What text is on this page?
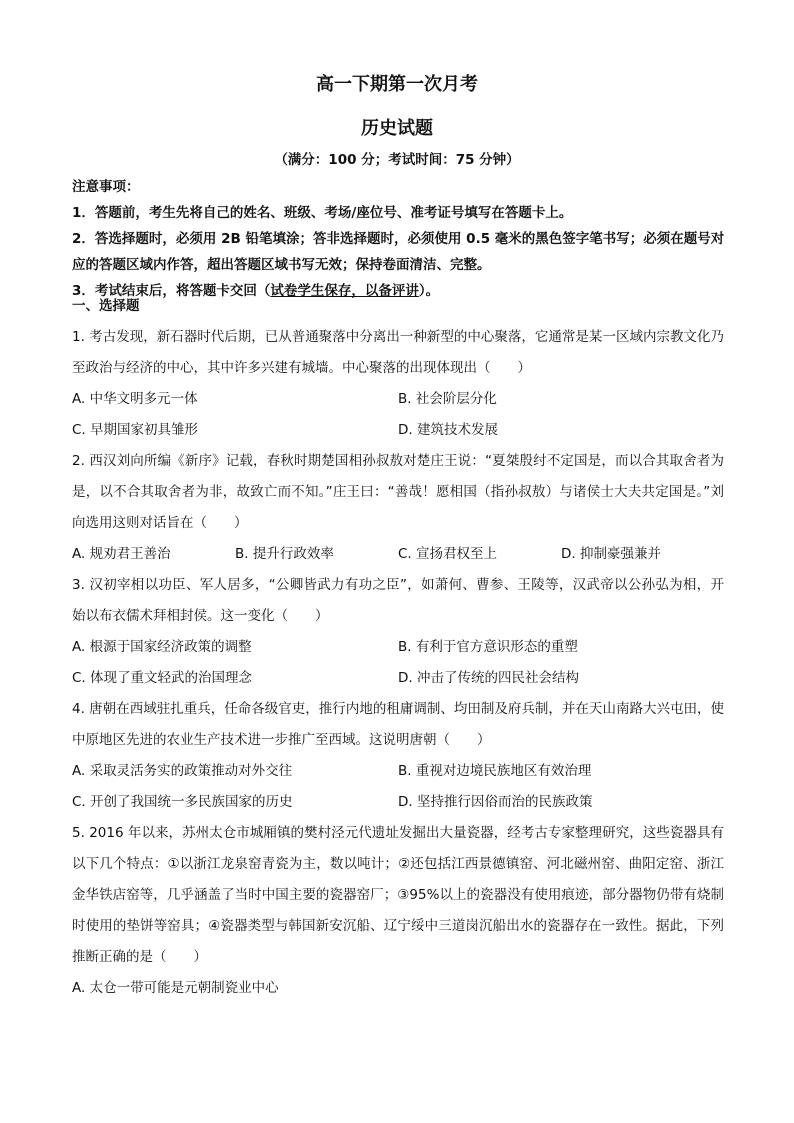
高一下期第一次月考
历史试题
（满分：100 分；考试时间：75 分钟）

注意事项：

1．答题前，考生先将自己的姓名、班级、考场/座位号、准考证号填写在答题卡上。

2．答选择题时，必须用 2B 铅笔填涂；答非选择题时，必须使用 0.5 毫米的黑色签字笔书写；必须在题号对应的答题区域内作答，超出答题区域书写无效；保持卷面清洁、完整。

3．考试结束后，将答题卡交回（试卷学生保存，以备评讲）。

一、选择题

1. 考古发现，新石器时代后期，已从普通聚落中分离出一种新型的中心聚落，它通常是某一区域内宗教文化乃至政治与经济的中心，其中许多兴建有城墙。中心聚落的出现体现出（　　）

A. 中华文明多元一体	B. 社会阶层分化
C. 早期国家初具雏形	D. 建筑技术发展

2. 西汉刘向所编《新序》记载，春秋时期楚国相孙叔敖对楚庄王说：“夏桀殷纣不定国是，而以合其取舍者为是，以不合其取舍者为非，故致亡而不知。”庄王曰：“善哉！愿相国（指孙叔敖）与诸侯士大夫共定国是。”刘向选用这则对话旨在（　　）

A. 规劝君王善治	B. 提升行政效率	C. 宣扬君权至上	D. 抑制豪强兼并

3. 汉初宰相以功臣、军人居多，“公卿皆武力有功之臣”，如萧何、曹参、王陵等，汉武帝以公孙弘为相，开始以布衣儒术拜相封侯。这一变化（　　）

A. 根源于国家经济政策的调整	B. 有利于官方意识形态的重塑
C. 体现了重文轻武的治国理念	D. 冲击了传统的四民社会结构

4. 唐朝在西域驻扎重兵，任命各级官吏，推行内地的租庸调制、均田制及府兵制，并在天山南路大兴屯田，使中原地区先进的农业生产技术进一步推广至西域。这说明唐朝（　　）

A. 采取灵活务实的政策推动对外交往	B. 重视对边境民族地区有效治理
C. 开创了我国统一多民族国家的历史	D. 坚持推行因俗而治的民族政策

5. 2016 年以来，苏州太仓市城厢镇的樊村泾元代遗址发掘出大量瓷器，经考古专家整理研究，这些瓷器具有以下几个特点：①以浙江龙泉窑青瓷为主，数以吨计；②还包括江西景德镇窑、河北磁州窑、曲阳定窑、浙江金华铁店窑等，几乎涵盖了当时中国主要的瓷器窑厂；③95%以上的瓷器没有使用痕迹，部分器物仍带有烧制时使用的垫饼等窑具；④瓷器类型与韩国新安沉船、辽宁绥中三道岗沉船出水的瓷器存在一致性。据此，下列推断正确的是（　　）

A. 太仓一带可能是元朝制瓷业中心
